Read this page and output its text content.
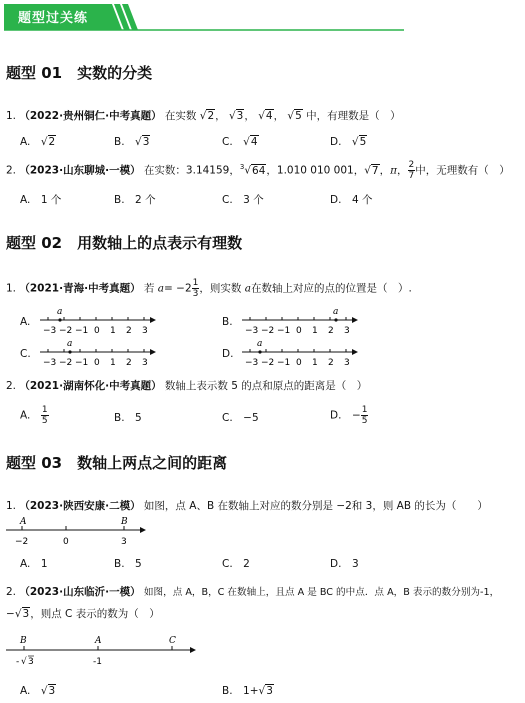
题型过关练
题型 01　实数的分类
1. （2022·贵州铜仁·中考真题） 在实数 √2， √3， √4， √5 中，有理数是（　）
A.　√2	B.　√3	C.　√4	D.　√5
2. （2023·山东聊城·一模） 在实数：3.14159，$^3$√64，1.010 010 001，√7，π， $\frac{2}{7}$ 中，无理数有（　）
A.　 1 个	B.　 2 个	C.　 3 个	D.　 4 个
题型 02　用数轴上的点表示有理数
1. （2021·青海·中考真题） 若 $a= -2 \frac{1}{3}$ ，则实数 a在数轴上对应的点的位置是（　）.
A.	B.
C.	D.
a
−3 −2 −1 0 1 2 3
a
−3 −2 −1 0 1 2 3
a
−3 −2 −1 0 1 2 3
a
−3 −2 −1 0 1 2 3
2. （2021·湖南怀化·中考真题） 数轴上表示数 5 的点和原点的距离是（　）
A.　 $\frac{1}{5}$	B.　 5	C.　 −5	D.　 − $\frac{1}{5}$
题型 03　数轴上两点之间的距离
1. （2023·陕西安康·二模） 如图，点 A、B 在数轴上对应的数分别是 −2和 3，则 AB 的长为（　　）
A	B
−2	0	3
A.　 1	B.　 5	C.　 2	D.　 3
2. （2023·山东临沂·一模） 如图，点 A，B，C 在数轴上，且点 A 是 BC 的中点．点 A，B 表示的数分别为-1，
−√3，则点 C 表示的数为（　）
B	A	C
- √ 3	-1
A.　√3	B.　 1+√3
